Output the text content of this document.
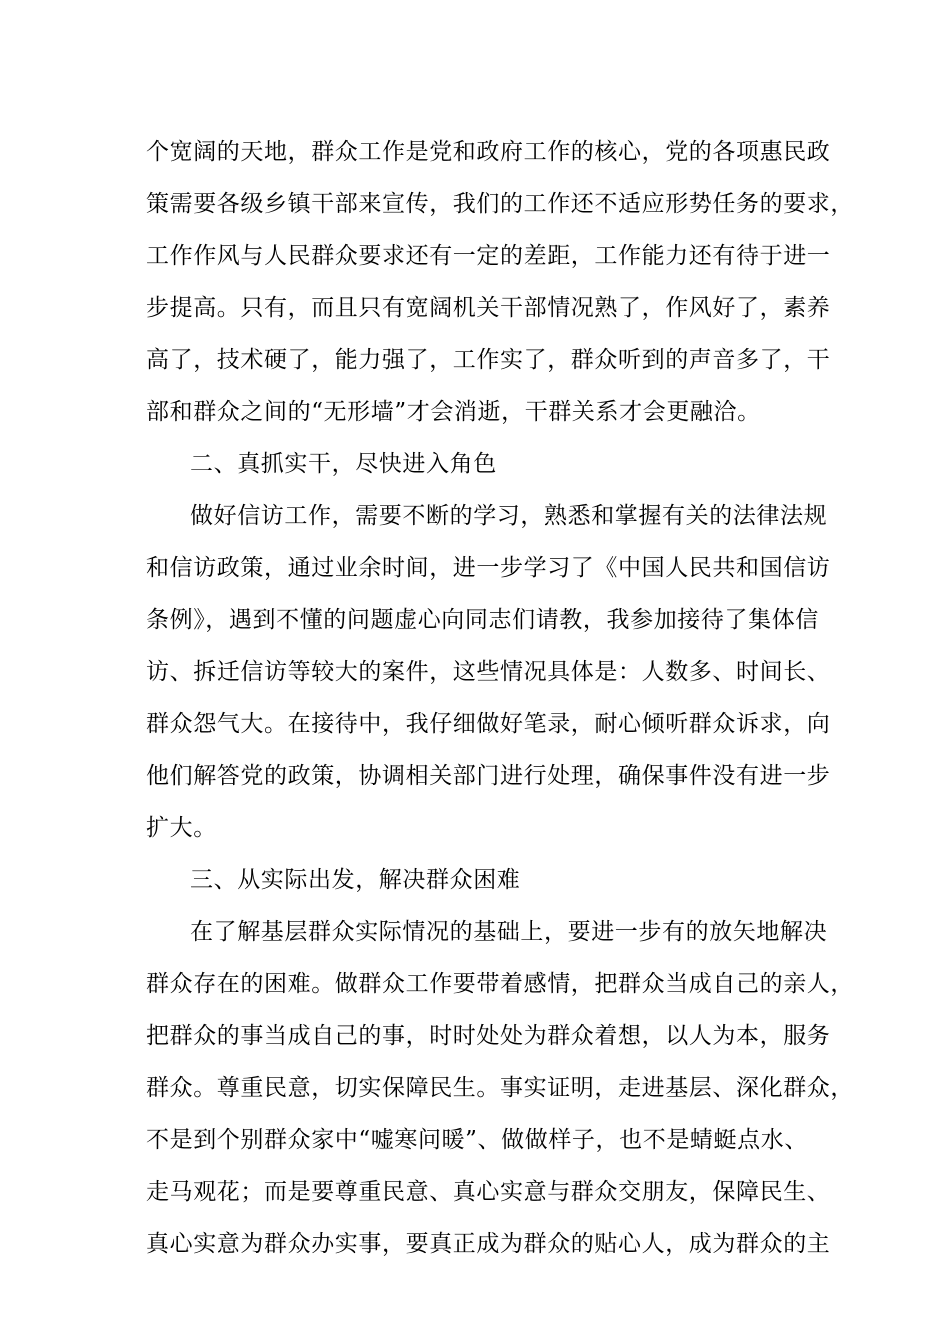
个宽阔的天地，群众工作是党和政府工作的核心，党的各项惠民政
策需要各级乡镇干部来宣传，我们的工作还不适应形势任务的要求，
工作作风与人民群众要求还有一定的差距，工作能力还有待于进一
步提高。只有，而且只有宽阔机关干部情况熟了，作风好了，素养
高了，技术硬了，能力强了，工作实了，群众听到的声音多了，干
部和群众之间的“无形墙”才会消逝，干群关系才会更融洽。
二、真抓实干，尽快进入角色
做好信访工作，需要不断的学习，熟悉和掌握有关的法律法规
和信访政策，通过业余时间，进一步学习了《中国人民共和国信访
条例》，遇到不懂的问题虚心向同志们请教，我参加接待了集体信
访、拆迁信访等较大的案件，这些情况具体是：人数多、时间长、
群众怨气大。在接待中，我仔细做好笔录，耐心倾听群众诉求，向
他们解答党的政策，协调相关部门进行处理，确保事件没有进一步
扩大。
三、从实际出发，解决群众困难
在了解基层群众实际情况的基础上，要进一步有的放矢地解决
群众存在的困难。做群众工作要带着感情，把群众当成自己的亲人，
把群众的事当成自己的事，时时处处为群众着想，以人为本，服务
群众。尊重民意，切实保障民生。事实证明，走进基层、深化群众，
不是到个别群众家中“嘘寒问暖”、做做样子，也不是蜻蜓点水、
走马观花；而是要尊重民意、真心实意与群众交朋友，保障民生、
真心实意为群众办实事，要真正成为群众的贴心人，成为群众的主
